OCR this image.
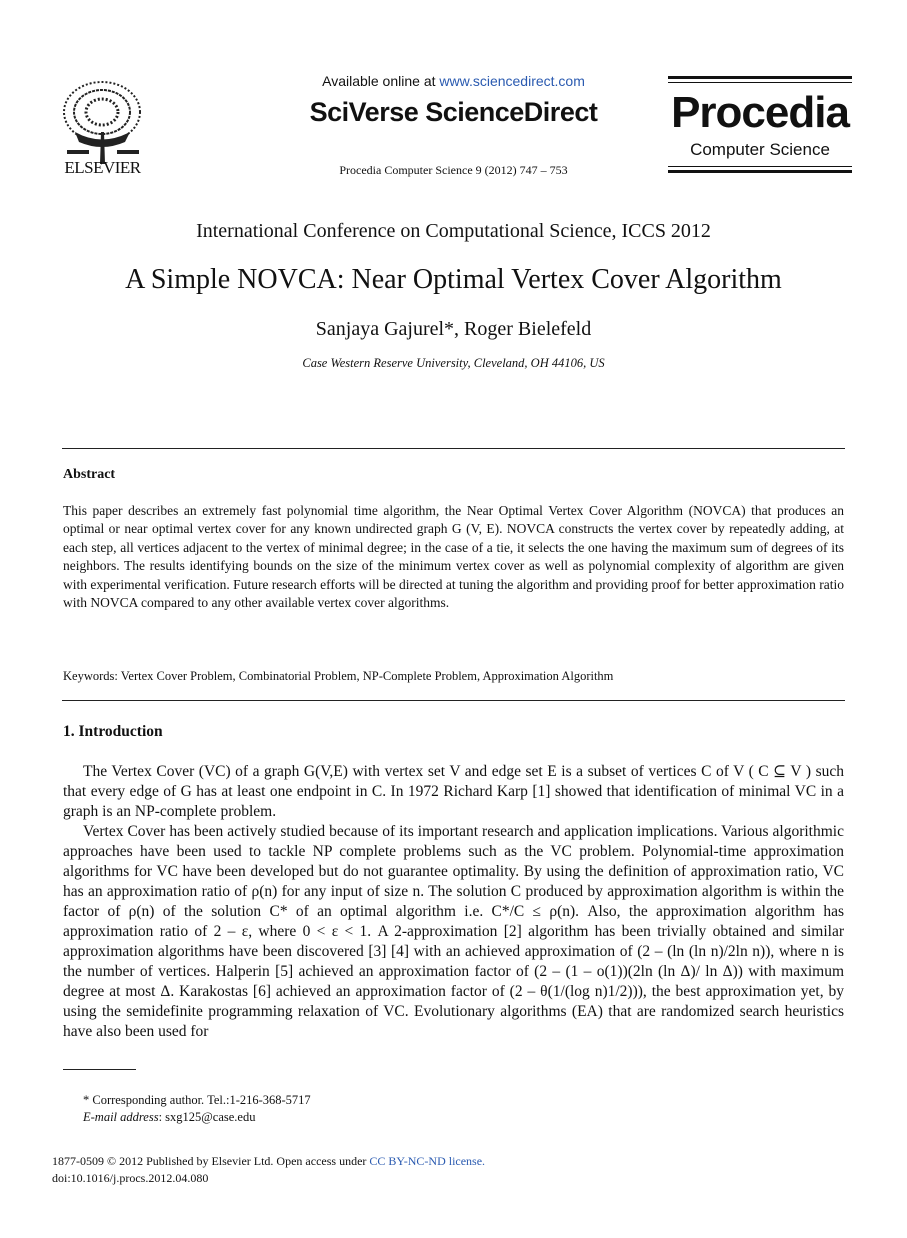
ELSEVIER
Available online at www.sciencedirect.com
SciVerse ScienceDirect
Procedia Computer Science 9 (2012) 747 – 753
Procedia
Computer Science
International Conference on Computational Science, ICCS 2012
A Simple NOVCA: Near Optimal Vertex Cover Algorithm
Sanjaya Gajurel*, Roger Bielefeld
Case Western Reserve University, Cleveland, OH 44106, US
Abstract
This paper describes an extremely fast polynomial time algorithm, the Near Optimal Vertex Cover Algorithm (NOVCA) that produces an optimal or near optimal vertex cover for any known undirected graph G (V, E). NOVCA constructs the vertex cover by repeatedly adding, at each step, all vertices adjacent to the vertex of minimal degree; in the case of a tie, it selects the one having the maximum sum of degrees of its neighbors. The results identifying bounds on the size of the minimum vertex cover as well as polynomial complexity of algorithm are given with experimental verification. Future research efforts will be directed at tuning the algorithm and providing proof for better approximation ratio with NOVCA compared to any other available vertex cover algorithms.
Keywords: Vertex Cover Problem, Combinatorial Problem, NP-Complete Problem, Approximation Algorithm
1. Introduction
The Vertex Cover (VC) of a graph G(V,E) with vertex set V and edge set E is a subset of vertices C of V ( C ⊆ V ) such that every edge of G has at least one endpoint in C. In 1972 Richard Karp [1] showed that identification of minimal VC in a graph is an NP-complete problem.
Vertex Cover has been actively studied because of its important research and application implications. Various algorithmic approaches have been used to tackle NP complete problems such as the VC problem. Polynomial-time approximation algorithms for VC have been developed but do not guarantee optimality. By using the definition of approximation ratio, VC has an approximation ratio of ρ(n) for any input of size n. The solution C produced by approximation algorithm is within the factor of ρ(n) of the solution C* of an optimal algorithm i.e. C*/C ≤ ρ(n). Also, the approximation algorithm has approximation ratio of 2 – ε, where 0 < ε < 1. A 2-approximation [2] algorithm has been trivially obtained and similar approximation algorithms have been discovered [3] [4] with an achieved approximation of (2 – (ln (ln n)/2ln n)), where n is the number of vertices. Halperin [5] achieved an approximation factor of (2 – (1 – o(1))(2ln (ln Δ)/ ln Δ)) with maximum degree at most Δ. Karakostas [6] achieved an approximation factor of (2 – θ(1/(log n)1/2))), the best approximation yet, by using the semidefinite programming relaxation of VC. Evolutionary algorithms (EA) that are randomized search heuristics have also been used for
* Corresponding author. Tel.:1-216-368-5717
E-mail address: sxg125@case.edu
1877-0509 © 2012 Published by Elsevier Ltd. Open access under CC BY-NC-ND license.
doi:10.1016/j.procs.2012.04.080
